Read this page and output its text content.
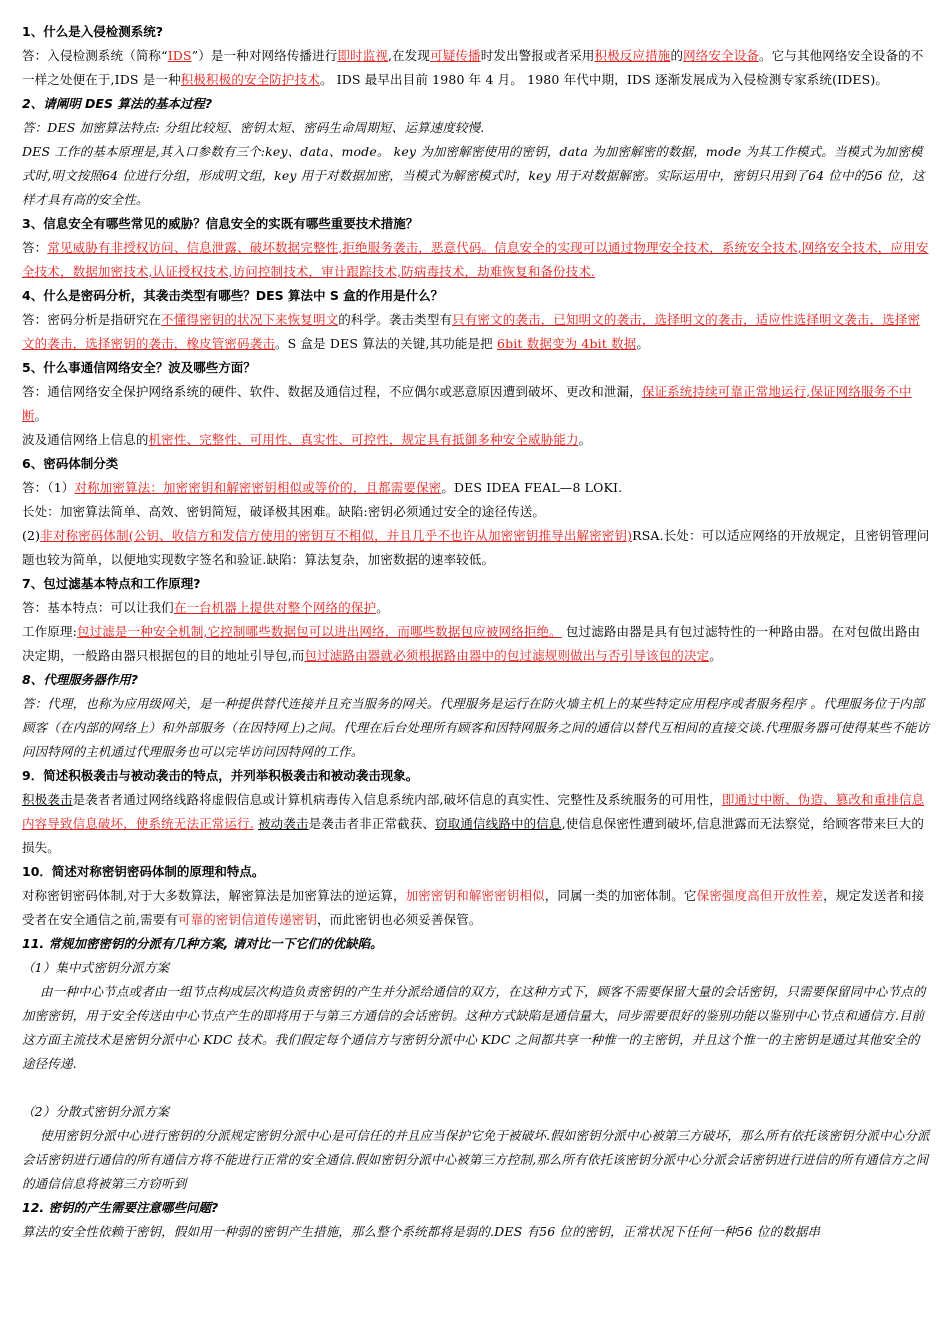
1、什么是入侵检测系统?

答：入侵检测系统（简称“IDS”）是一种对网络传播进行即时监视,在发现可疑传播时发出警报或者采用积极反应措施的网络安全设备。它与其他网络安全设备的不一样之处便在于,IDS 是一种积极积极的安全防护技术。 IDS 最早出目前 1980 年 4 月。 1980 年代中期，IDS 逐渐发展成为入侵检测专家系统(IDES)。

2、请阐明 DES 算法的基本过程?

答：DES 加密算法特点: 分组比较短、密钥太短、密码生命周期短、运算速度较慢.

DES 工作的基本原理是,其入口参数有三个:key、data、mode。 key 为加密解密使用的密钥，data 为加密解密的数据，mode 为其工作模式。当模式为加密模式时,明文按照64 位进行分组，形成明文组，key 用于对数据加密，当模式为解密模式时，key 用于对数据解密。实际运用中，密钥只用到了64 位中的56 位，这样才具有高的安全性。

3、信息安全有哪些常见的威胁？信息安全的实既有哪些重要技术措施？

答：常见威胁有非授权访问、信息泄露、破坏数据完整性,拒绝服务袭击，恶意代码。信息安全的实现可以通过物理安全技术，系统安全技术,网络安全技术，应用安全技术，数据加密技术,认证授权技术,访问控制技术，审计跟踪技术,防病毒技术，劫难恢复和备份技术.

4、什么是密码分析，其袭击类型有哪些？DES 算法中 S 盒的作用是什么？

答：密码分析是指研究在不懂得密钥的状况下来恢复明文的科学。袭击类型有只有密文的袭击，已知明文的袭击，选择明文的袭击，适应性选择明文袭击，选择密文的袭击，选择密钥的袭击，橡皮管密码袭击。S 盒是 DES 算法的关键,其功能是把 6bit 数据变为 4bit 数据。

5、什么事通信网络安全？波及哪些方面？

答：通信网络安全保护网络系统的硬件、软件、数据及通信过程，不应偶尔或恶意原因遭到破坏、更改和泄漏，保证系统持续可靠正常地运行,保证网络服务不中断。

波及通信网络上信息的机密性、完整性、可用性、真实性、可控性，规定具有抵御多种安全威胁能力。

6、密码体制分类

答：（1）对称加密算法：加密密钥和解密密钥相似或等价的，且都需要保密。DES IDEA FEAL—8 LOKI.

长处：加密算法简单、高效、密钥简短，破译极其困难。缺陷:密钥必须通过安全的途径传送。

(2)非对称密码体制(公钥、收信方和发信方使用的密钥互不相似，并且几乎不也许从加密密钥推导出解密密钥)RSA.长处：可以适应网络的开放规定，且密钥管理问题也较为简单，以便地实现数字签名和验证.缺陷：算法复杂，加密数据的速率较低。

7、包过滤基本特点和工作原理?

答：基本特点：可以让我们在一台机器上提供对整个网络的保护。

工作原理:包过滤是一种安全机制,它控制哪些数据包可以进出网络，而哪些数据包应被网络拒绝。 包过滤路由器是具有包过滤特性的一种路由器。在对包做出路由决定期，一般路由器只根据包的目的地址引导包,而包过滤路由器就必须根据路由器中的包过滤规则做出与否引导该包的决定。

8、代理服务器作用?

答：代理，也称为应用级网关，是一种提供替代连接并且充当服务的网关。代理服务是运行在防火墙主机上的某些特定应用程序或者服务程序 。代理服务位于内部顾客（在内部的网络上）和外部服务（在因特网上)之间。代理在后台处理所有顾客和因特网服务之间的通信以替代互相间的直接交谈.代理服务器可使得某些不能访问因特网的主机通过代理服务也可以完毕访问因特网的工作。

9．简述积极袭击与被动袭击的特点，并列举积极袭击和被动袭击现象。

积极袭击是袭者者通过网络线路将虚假信息或计算机病毒传入信息系统内部,破坏信息的真实性、完整性及系统服务的可用性，即通过中断、伪造、篡改和重排信息内容导致信息破坏，使系统无法正常运行. 被动袭击是袭击者非正常截获、窃取通信线路中的信息,使信息保密性遭到破坏,信息泄露而无法察觉，给顾客带来巨大的损失。

10．简述对称密钥密码体制的原理和特点。

对称密钥密码体制,对于大多数算法，解密算法是加密算法的逆运算，加密密钥和解密密钥相似，同属一类的加密体制。它保密强度高但开放性差，规定发送者和接受者在安全通信之前,需要有可靠的密钥信道传递密钥，而此密钥也必须妥善保管。

11. 常规加密密钥的分派有几种方案, 请对比一下它们的优缺陷。

（1）集中式密钥分派方案

由一种中心节点或者由一组节点构成层次构造负责密钥的产生并分派给通信的双方，在这种方式下，顾客不需要保留大量的会话密钥，只需要保留同中心节点的加密密钥，用于安全传送由中心节点产生的即将用于与第三方通信的会话密钥。这种方式缺陷是通信量大，同步需要很好的鉴别功能以鉴别中心节点和通信方.目前这方面主流技术是密钥分派中心 KDC 技术。我们假定每个通信方与密钥分派中心 KDC 之间都共享一种惟一的主密钥，并且这个惟一的主密钥是通过其他安全的途径传递.

（2）分散式密钥分派方案

使用密钥分派中心进行密钥的分派规定密钥分派中心是可信任的并且应当保护它免于被破坏.假如密钥分派中心被第三方破坏，那么所有依托该密钥分派中心分派会话密钥进行通信的所有通信方将不能进行正常的安全通信.假如密钥分派中心被第三方控制,那么所有依托该密钥分派中心分派会话密钥进行进信的所有通信方之间的通信信息将被第三方窃听到

12. 密钥的产生需要注意哪些问题?

算法的安全性依赖于密钥，假如用一种弱的密钥产生措施，那么整个系统都将是弱的.DES 有56 位的密钥，正常状况下任何一种56 位的数据串
